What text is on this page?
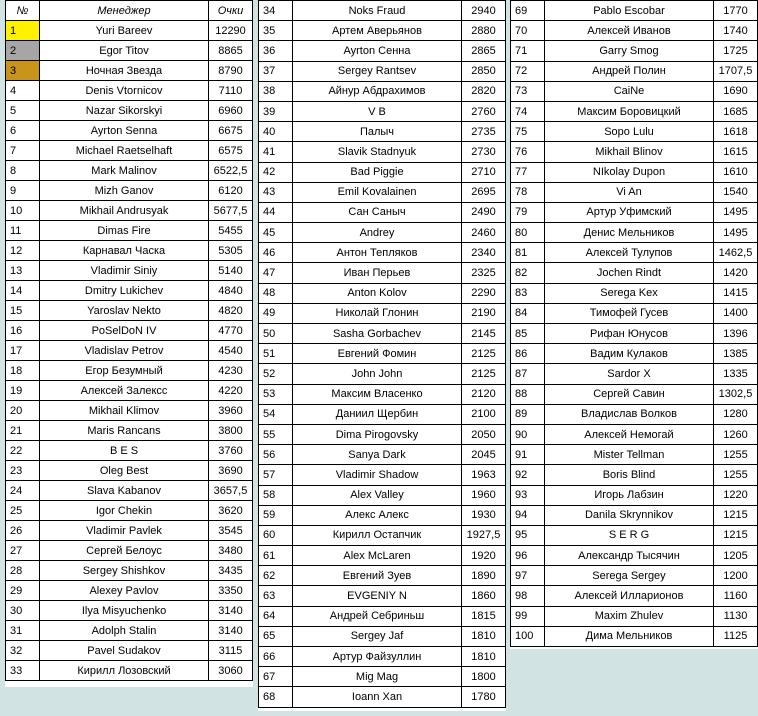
№	Менеджер	Очки
1	Yuri Bareev	12290
2	Egor Titov	8865
3	Ночная Звезда	8790
4	Denis Vtornicov	7110
5	Nazar Sikorskyi	6960
6	Ayrton Senna	6675
7	Michael Raetselhaft	6575
8	Mark Malinov	6522,5
9	Mizh Ganov	6120
10	Mikhail Andrusyak	5677,5
11	Dimas Fire	5455
12	Карнавал Часка	5305
13	Vladimir Siniy	5140
14	Dmitry Lukichev	4840
15	Yaroslav Nekto	4820
16	PoSelDoN IV	4770
17	Vladislav Petrov	4540
18	Егор Безумный	4230
19	Алексей Залексс	4220
20	Mikhail Klimov	3960
21	Maris Rancans	3800
22	B E S	3760
23	Oleg Best	3690
24	Slava Kabanov	3657,5
25	Igor Chekin	3620
26	Vladimir Pavlek	3545
27	Сергей Белоус	3480
28	Sergey Shishkov	3435
29	Alexey Pavlov	3350
30	Ilya Misyuchenko	3140
31	Adolph Stalin	3140
32	Pavel Sudakov	3115
33	Кирилл Лозовский	3060
34	Noks Fraud	2940
35	Артем Аверьянов	2880
36	Ayrton Сенна	2865
37	Sergey Rantsev	2850
38	Айнур Абдрахимов	2820
39	V B	2760
40	Палыч	2735
41	Slavik Stadnyuk	2730
42	Bad Piggie	2710
43	Emil Kovalainen	2695
44	Сан Саныч	2490
45	Andrey	2460
46	Антон Тепляков	2340
47	Иван Перьев	2325
48	Anton Kolov	2290
49	Николай Глонин	2190
50	Sasha Gorbachev	2145
51	Евгений Фомин	2125
52	John John	2125
53	Максим Власенко	2120
54	Даниил Щербин	2100
55	Dima Pirogovsky	2050
56	Sanya Dark	2045
57	Vladimir Shadow	1963
58	Alex Valley	1960
59	Алекс Алекс	1930
60	Кирилл Остапчик	1927,5
61	Alex McLaren	1920
62	Евгений Зуев	1890
63	EVGENIY N	1860
64	Андрей Себриньш	1815
65	Sergey Jaf	1810
66	Артур Файзуллин	1810
67	Mig Mag	1800
68	Ioann Xan	1780
69	Pablo Escobar	1770
70	Алексей Иванов	1740
71	Garry Smog	1725
72	Андрей Полин	1707,5
73	CaiNe	1690
74	Максим Боровицкий	1685
75	Sopo Lulu	1618
76	Mikhail Blinov	1615
77	NIkolay Dupon	1610
78	Vi An	1540
79	Артур Уфимский	1495
80	Денис Мельников	1495
81	Алексей Тулупов	1462,5
82	Jochen Rindt	1420
83	Serega Kex	1415
84	Тимофей Гусев	1400
85	Рифан Юнусов	1396
86	Вадим Кулаков	1385
87	Sardor X	1335
88	Сергей Савин	1302,5
89	Владислав Волков	1280
90	Алексей Немогай	1260
91	Mister Tellman	1255
92	Boris Blind	1255
93	Игорь Лабзин	1220
94	Danila Skrynnikov	1215
95	S E R G	1215
96	Александр Тысячин	1205
97	Serega Sergey	1200
98	Алексей Илларионов	1160
99	Maxim Zhulev	1130
100	Дима Мельников	1125
